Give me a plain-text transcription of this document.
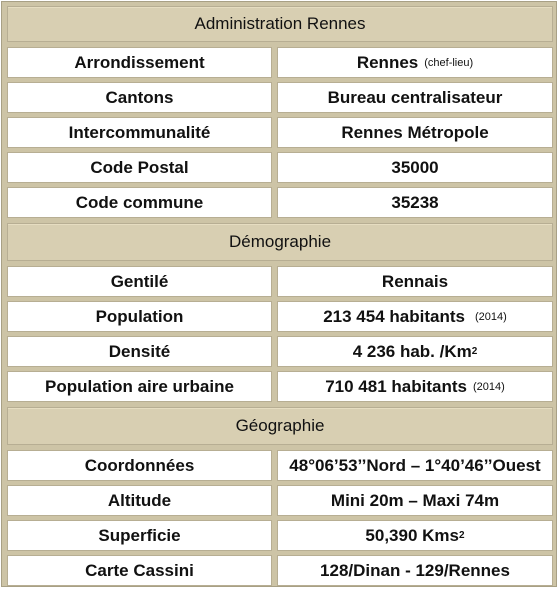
Administration Rennes
Arrondissement	Rennes (chef-lieu)
Cantons	Bureau centralisateur
Intercommunalité	Rennes Métropole
Code Postal	35000
Code commune	35238
Démographie
Gentilé	Rennais
Population	213 454 habitants (2014)
Densité	4 236 hab. /Km 2
Population aire urbaine	710 481 habitants (2014)
Géographie
Coordonnées	48°06’53’’Nord – 1°40’46’’Ouest
Altitude	Mini 20m – Maxi 74m
Superficie	50,390 Kms 2
Carte Cassini	128/Dinan - 129/Rennes
